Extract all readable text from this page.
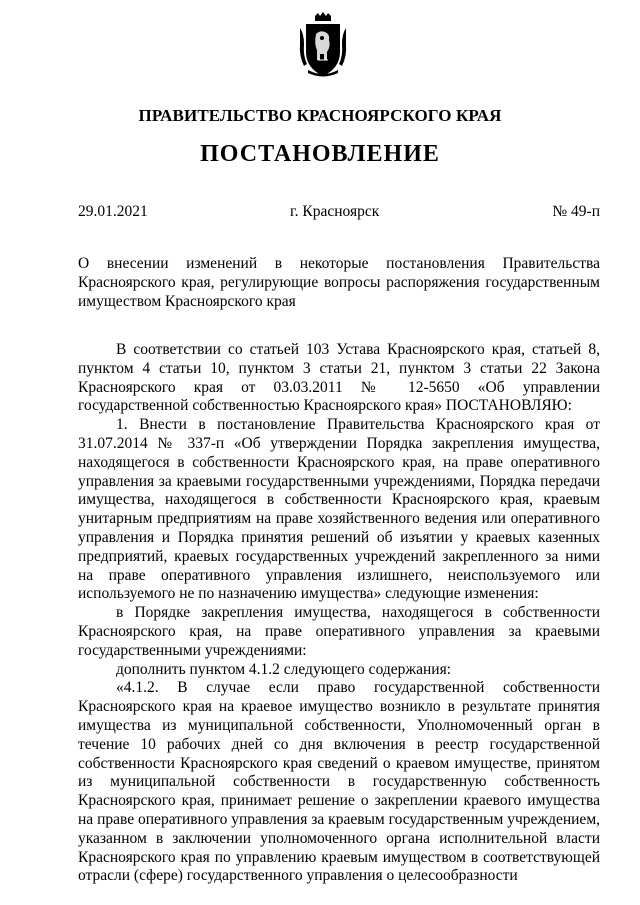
ПРАВИТЕЛЬСТВО КРАСНОЯРСКОГО КРАЯ
ПОСТАНОВЛЕНИЕ
29.01.2021	г. Красноярск	№ 49-п
О внесении изменений в некоторые постановления Правительства Красноярского края, регулирующие вопросы распоряжения государственным имуществом Красноярского края

В соответствии со статьей 103 Устава Красноярского края, статьей 8, пунктом 4 статьи 10, пунктом 3 статьи 21, пунктом 3 статьи 22 Закона Красноярского края от 03.03.2011 № 12-5650 «Об управлении государственной собственностью Красноярского края» ПОСТАНОВЛЯЮ:

1. Внести в постановление Правительства Красноярского края от 31.07.2014 № 337-п «Об утверждении Порядка закрепления имущества, находящегося в собственности Красноярского края, на праве оперативного управления за краевыми государственными учреждениями, Порядка передачи имущества, находящегося в собственности Красноярского края, краевым унитарным предприятиям на праве хозяйственного ведения или оперативного управления и Порядка принятия решений об изъятии у краевых казенных предприятий, краевых государственных учреждений закрепленного за ними на праве оперативного управления излишнего, неиспользуемого или используемого не по назначению имущества» следующие изменения:

в Порядке закрепления имущества, находящегося в собственности Красноярского края, на праве оперативного управления за краевыми государственными учреждениями:

дополнить пунктом 4.1.2 следующего содержания:

«4.1.2. В случае если право государственной собственности Красноярского края на краевое имущество возникло в результате принятия имущества из муниципальной собственности, Уполномоченный орган в течение 10 рабочих дней со дня включения в реестр государственной собственности Красноярского края сведений о краевом имуществе, принятом из муниципальной собственности в государственную собственность Красноярского края, принимает решение о закреплении краевого имущества на праве оперативного управления за краевым государственным учреждением, указанном в заключении уполномоченного органа исполнительной власти Красноярского края по управлению краевым имуществом в соответствующей отрасли (сфере) государственного управления о целесообразности
